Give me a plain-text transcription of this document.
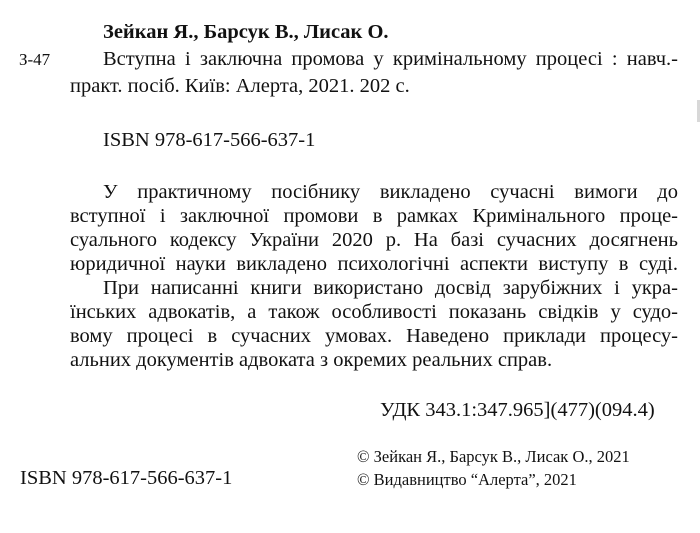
Зейкан Я., Барсук В., Лисак О.
З-47	Вступна і заключна промова у кримінальному процесі : навч.-
практ. посіб. Київ: Алерта, 2021. 202 с.
ISBN 978-617-566-637-1
У практичному посібнику викладено сучасні вимоги до
вступної і заключної промови в рамках Кримінального проце-
суального кодексу України 2020 р. На базі сучасних досягнень
юридичної науки викладено психологічні аспекти виступу в суді.
При написанні книги використано досвід зарубіжних і укра-
їнських адвокатів, а також особливості показань свідків у судо-
вому процесі в сучасних умовах. Наведено приклади процесу-
альних документів адвоката з окремих реальних справ.
УДК 343.1:347.965](477)(094.4)
ISBN 978-617-566-637-1
© Зейкан Я., Барсук В., Лисак О., 2021
© Видавництво “Алерта”, 2021
